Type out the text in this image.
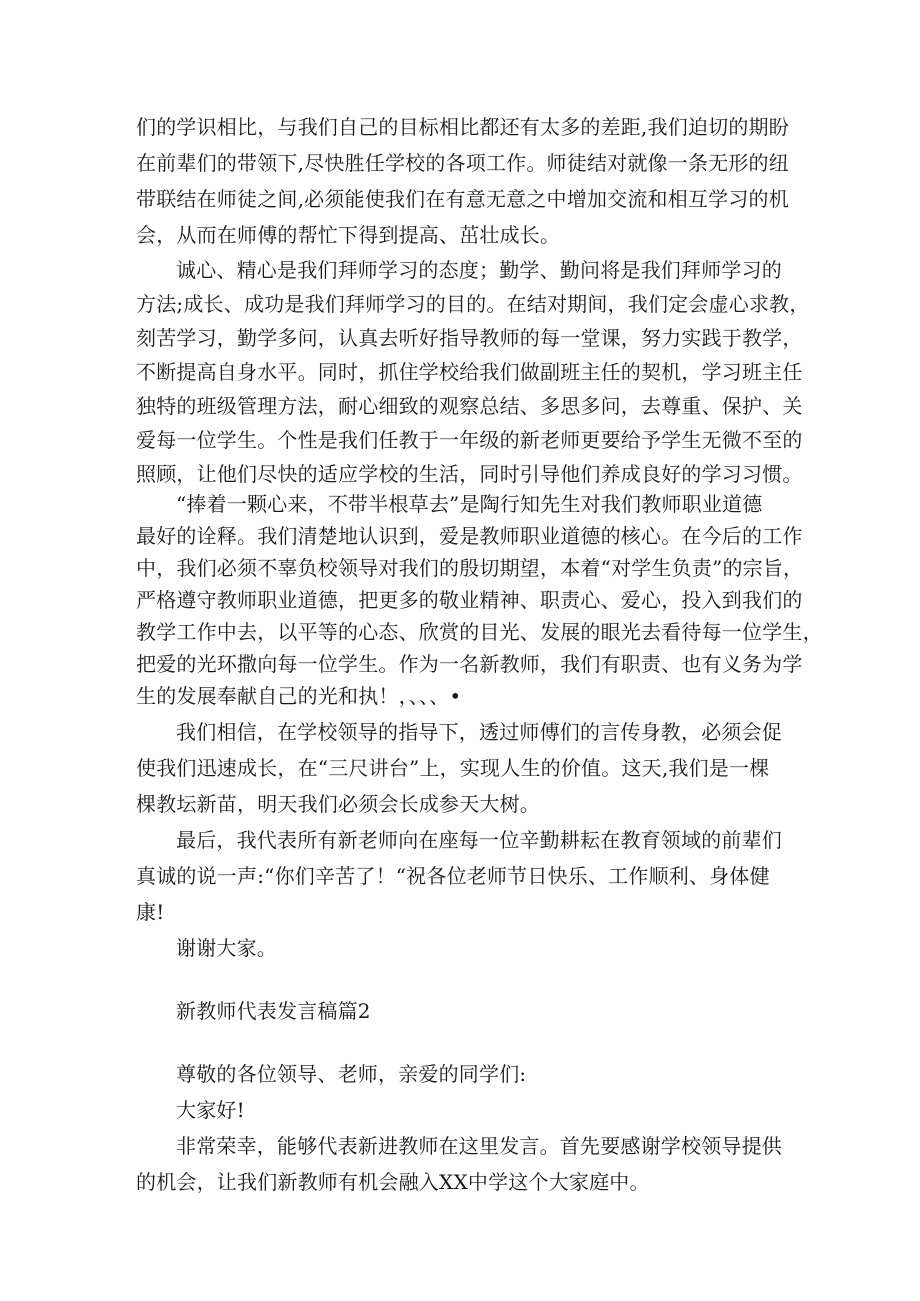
们的学识相比，与我们自己的目标相比都还有太多的差距,我们迫切的期盼
在前辈们的带领下,尽快胜任学校的各项工作。师徒结对就像一条无形的纽
带联结在师徒之间,必须能使我们在有意无意之中增加交流和相互学习的机
会，从而在师傅的帮忙下得到提高、茁壮成长。
诚心、精心是我们拜师学习的态度；勤学、勤问将是我们拜师学习的
方法;成长、成功是我们拜师学习的目的。在结对期间，我们定会虚心求教，
刻苦学习，勤学多问，认真去听好指导教师的每一堂课，努力实践于教学，
不断提高自身水平。同时，抓住学校给我们做副班主任的契机，学习班主任
独特的班级管理方法，耐心细致的观察总结、多思多问，去尊重、保护、关
爱每一位学生。个性是我们任教于一年级的新老师更要给予学生无微不至的
照顾，让他们尽快的适应学校的生活，同时引导他们养成良好的学习习惯。
“捧着一颗心来，不带半根草去”是陶行知先生对我们教师职业道德
最好的诠释。我们清楚地认识到，爱是教师职业道德的核心。在今后的工作
中，我们必须不辜负校领导对我们的殷切期望，本着“对学生负责”的宗旨，
严格遵守教师职业道德，把更多的敬业精神、职责心、爱心，投入到我们的
教学工作中去，以平等的心态、欣赏的目光、发展的眼光去看待每一位学生，
把爱的光环撒向每一位学生。作为一名新教师，我们有职责、也有义务为学
生的发展奉献自己的光和执！，、、、•
我们相信，在学校领导的指导下，透过师傅们的言传身教，必须会促
使我们迅速成长，在“三尺讲台”上，实现人生的价值。这天,我们是一棵
棵教坛新苗，明天我们必须会长成参天大树。
最后，我代表所有新老师向在座每一位辛勤耕耘在教育领域的前辈们
真诚的说一声:“你们辛苦了！“祝各位老师节日快乐、工作顺利、身体健
康!
谢谢大家。
新教师代表发言稿篇2
尊敬的各位领导、老师，亲爱的同学们:
大家好!
非常荣幸，能够代表新进教师在这里发言。首先要感谢学校领导提供
的机会，让我们新教师有机会融入XX中学这个大家庭中。
